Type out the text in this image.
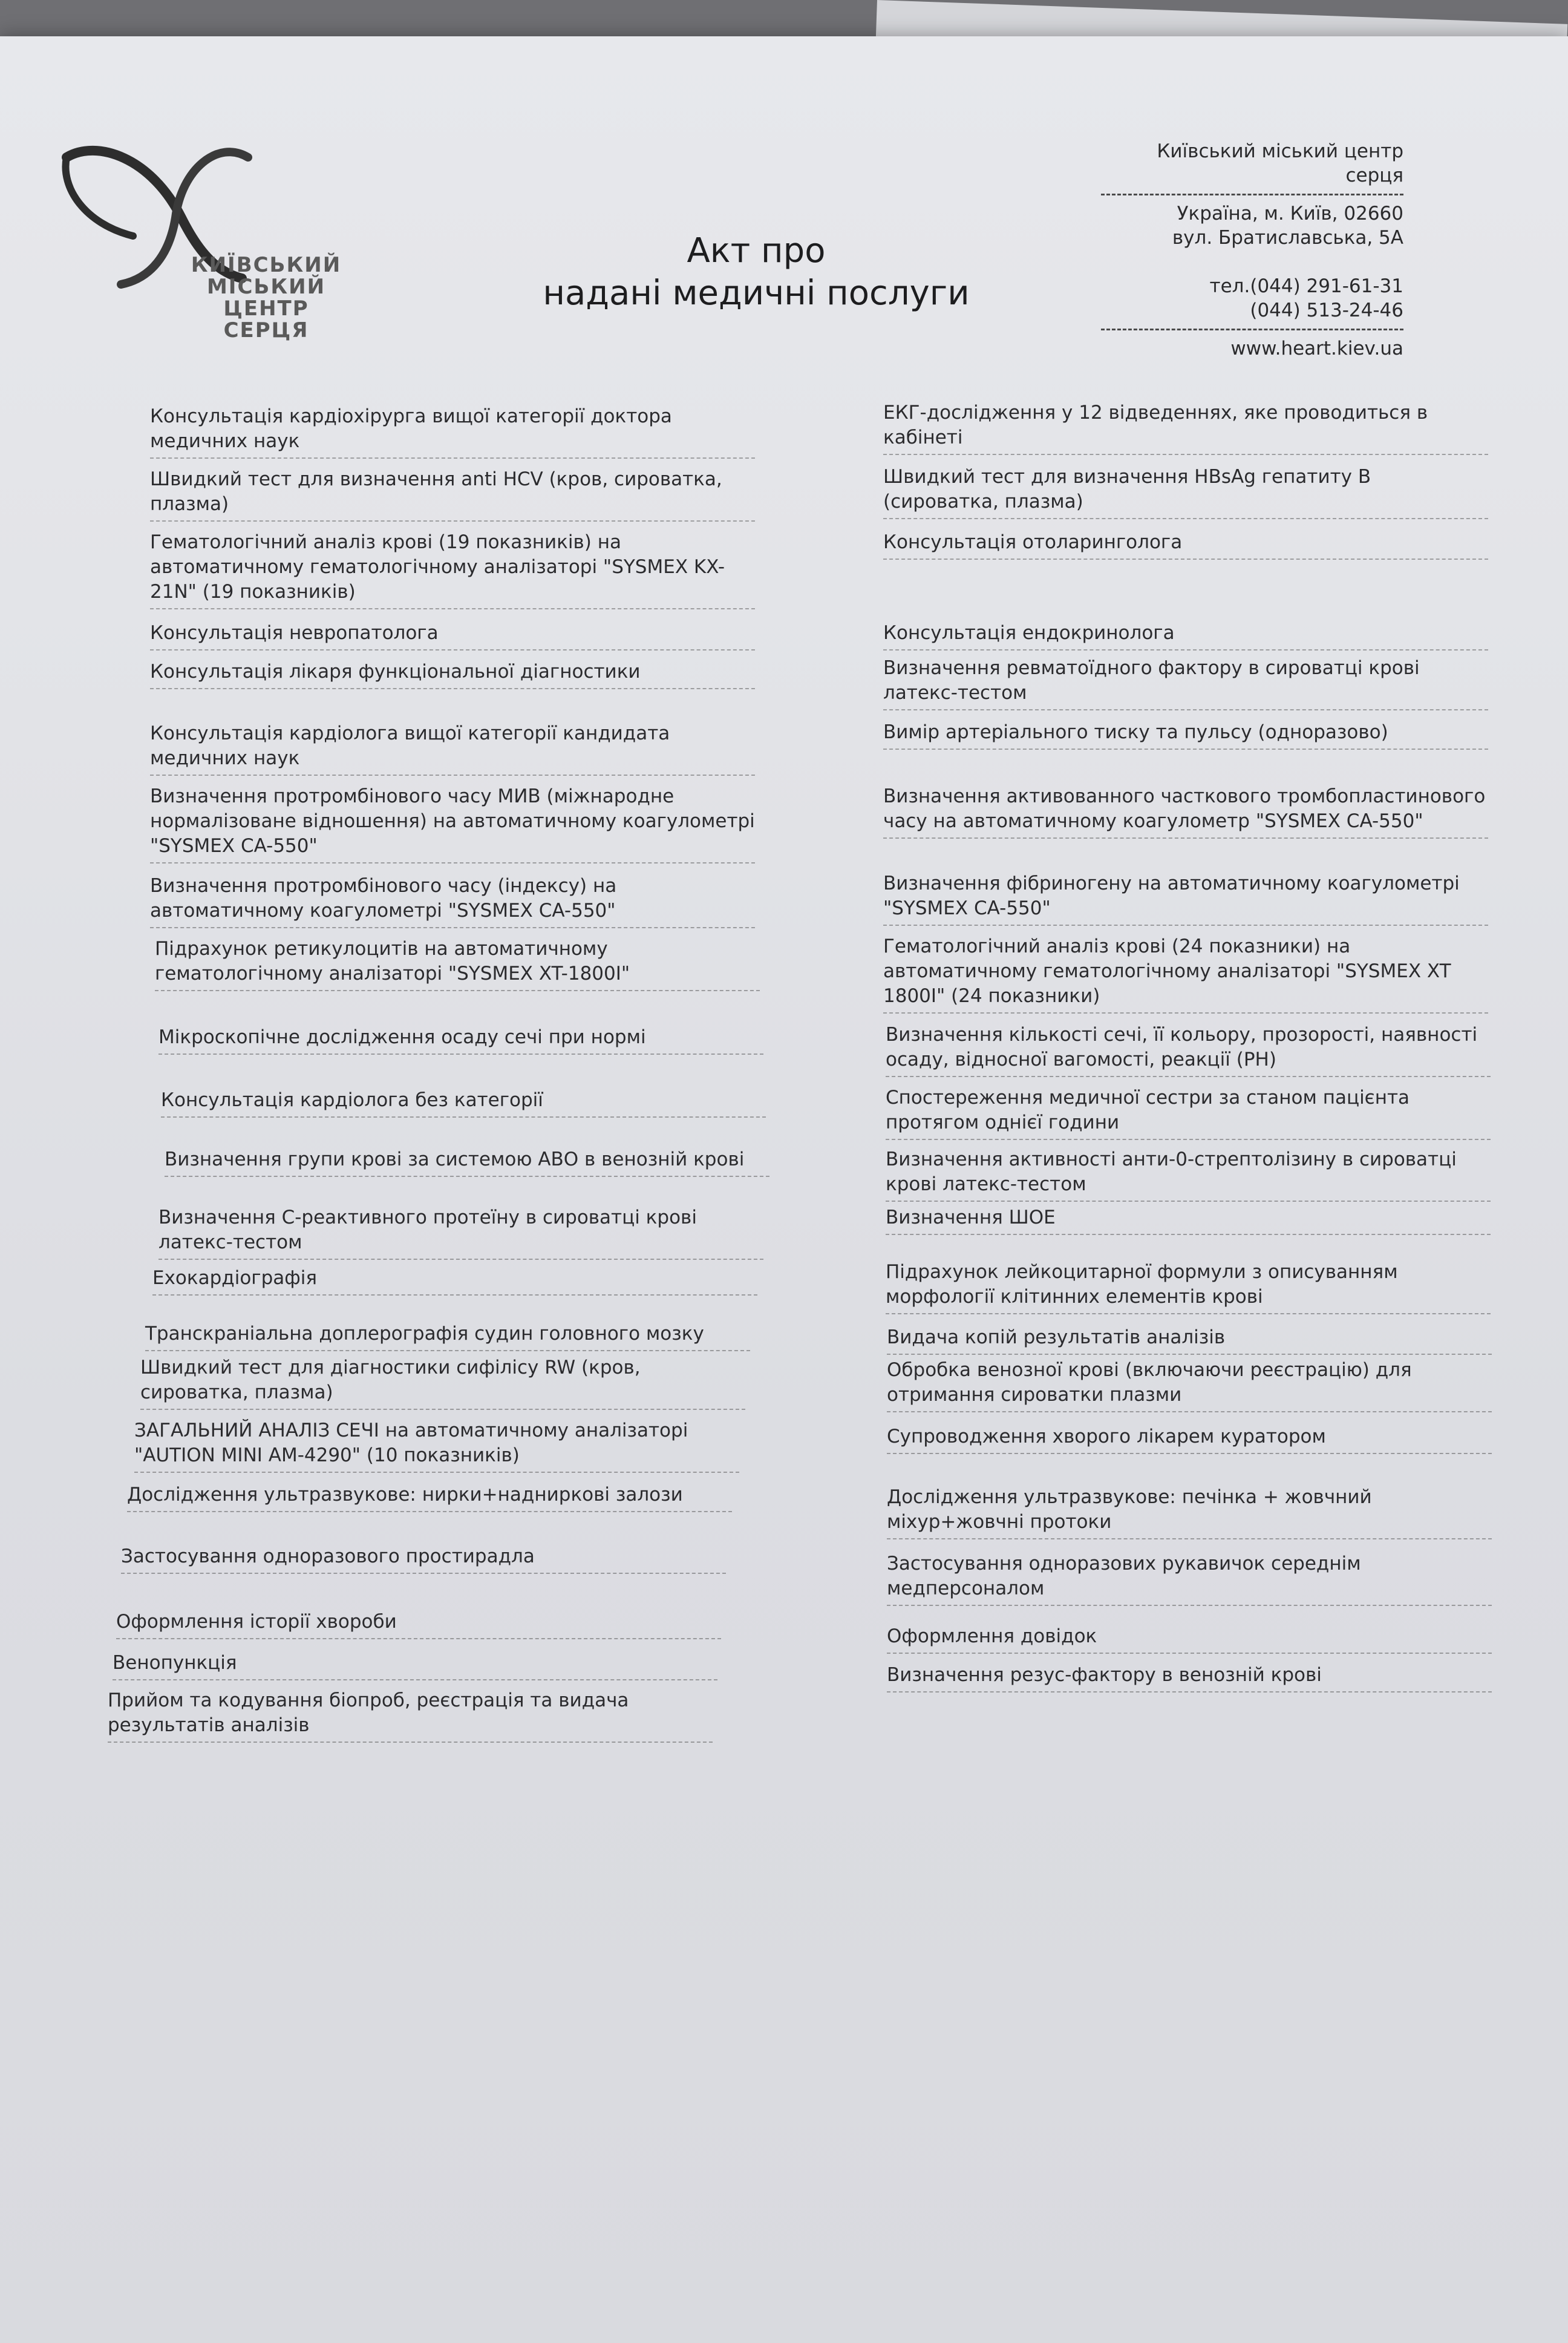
КИЇВСЬКИЙ
МІСЬКИЙ
ЦЕНТР
СЕРЦЯ
Акт про
надані медичні послуги
Київський міський центр серця
Україна, м. Київ, 02660
вул. Братиславська, 5А
тел.(044) 291-61-31
(044) 513-24-46
www.heart.kiev.ua
Консультація кардіохірурга вищої категорії доктора медичних наук
Швидкий тест для визначення anti HCV (кров, сироватка, плазма)
Гематологічний аналіз крові (19 показників) на автоматичному гематологічному аналізаторі "SYSMEX KX-21N" (19 показників)
Консультація невропатолога
Консультація лікаря функціональної діагностики
Консультація кардіолога вищої категорії кандидата медичних наук
Визначення протромбінового часу МИВ (міжнародне нормалізоване відношення) на автоматичному коагулометрі "SYSMEX CA-550"
Визначення протромбінового часу (індексу) на автоматичному коагулометрі "SYSMEX CA-550"
Підрахунок ретикулоцитів на автоматичному гематологічному аналізаторі "SYSMEX XT-1800I"
Мікроскопічне дослідження осаду сечі при нормі
Консультація кардіолога без категорії
Визначення групи крові за системою АВО в венозній крові
Визначення С-реактивного протеїну в сироватці крові латекс-тестом
Ехокардіографія
Транскраніальна доплерографія судин головного мозку
Швидкий тест для діагностики сифілісу RW (кров, сироватка, плазма)
ЗАГАЛЬНИЙ АНАЛІЗ СЕЧІ на автоматичному аналізаторі "AUTION MINI AM-4290" (10 показників)
Дослідження ультразвукове: нирки+надниркові залози
Застосування одноразового простирадла
Оформлення історії хвороби
Венопункція
Прийом та кодування біопроб, реєстрація та видача результатів аналізів
ЕКГ-дослідження у 12 відведеннях, яке проводиться в кабінеті
Швидкий тест для визначення HBsAg гепатиту В (сироватка, плазма)
Консультація отоларинголога
Консультація ендокринолога
Визначення ревматоїдного фактору в сироватці крові латекс-тестом
Вимір артеріального тиску та пульсу (одноразово)
Визначення активованного часткового тромбопластинового часу на автоматичному коагулометр "SYSMEX CA-550"
Визначення фібриногену на автоматичному коагулометрі "SYSMEX CA-550"
Гематологічний аналіз крові (24 показники) на автоматичному гематологічному аналізаторі "SYSMEX XT 1800I" (24 показники)
Визначення кількості сечі, її кольору, прозорості, наявності осаду, відносної вагомості, реакції (PH)
Спостереження медичної сестри за станом пацієнта протягом однієї години
Визначення активності анти-0-стрептолізину в сироватці крові латекс-тестом
Визначення ШОЕ
Підрахунок лейкоцитарної формули з описуванням морфології клітинних елементів крові
Видача копій результатів аналізів
Обробка венозної крові (включаючи реєстрацію) для отримання сироватки плазми
Супроводження хворого лікарем куратором
Дослідження ультразвукове: печінка + жовчний міхур+жовчні протоки
Застосування одноразових рукавичок середнім медперсоналом
Оформлення довідок
Визначення резус-фактору в венозній крові
